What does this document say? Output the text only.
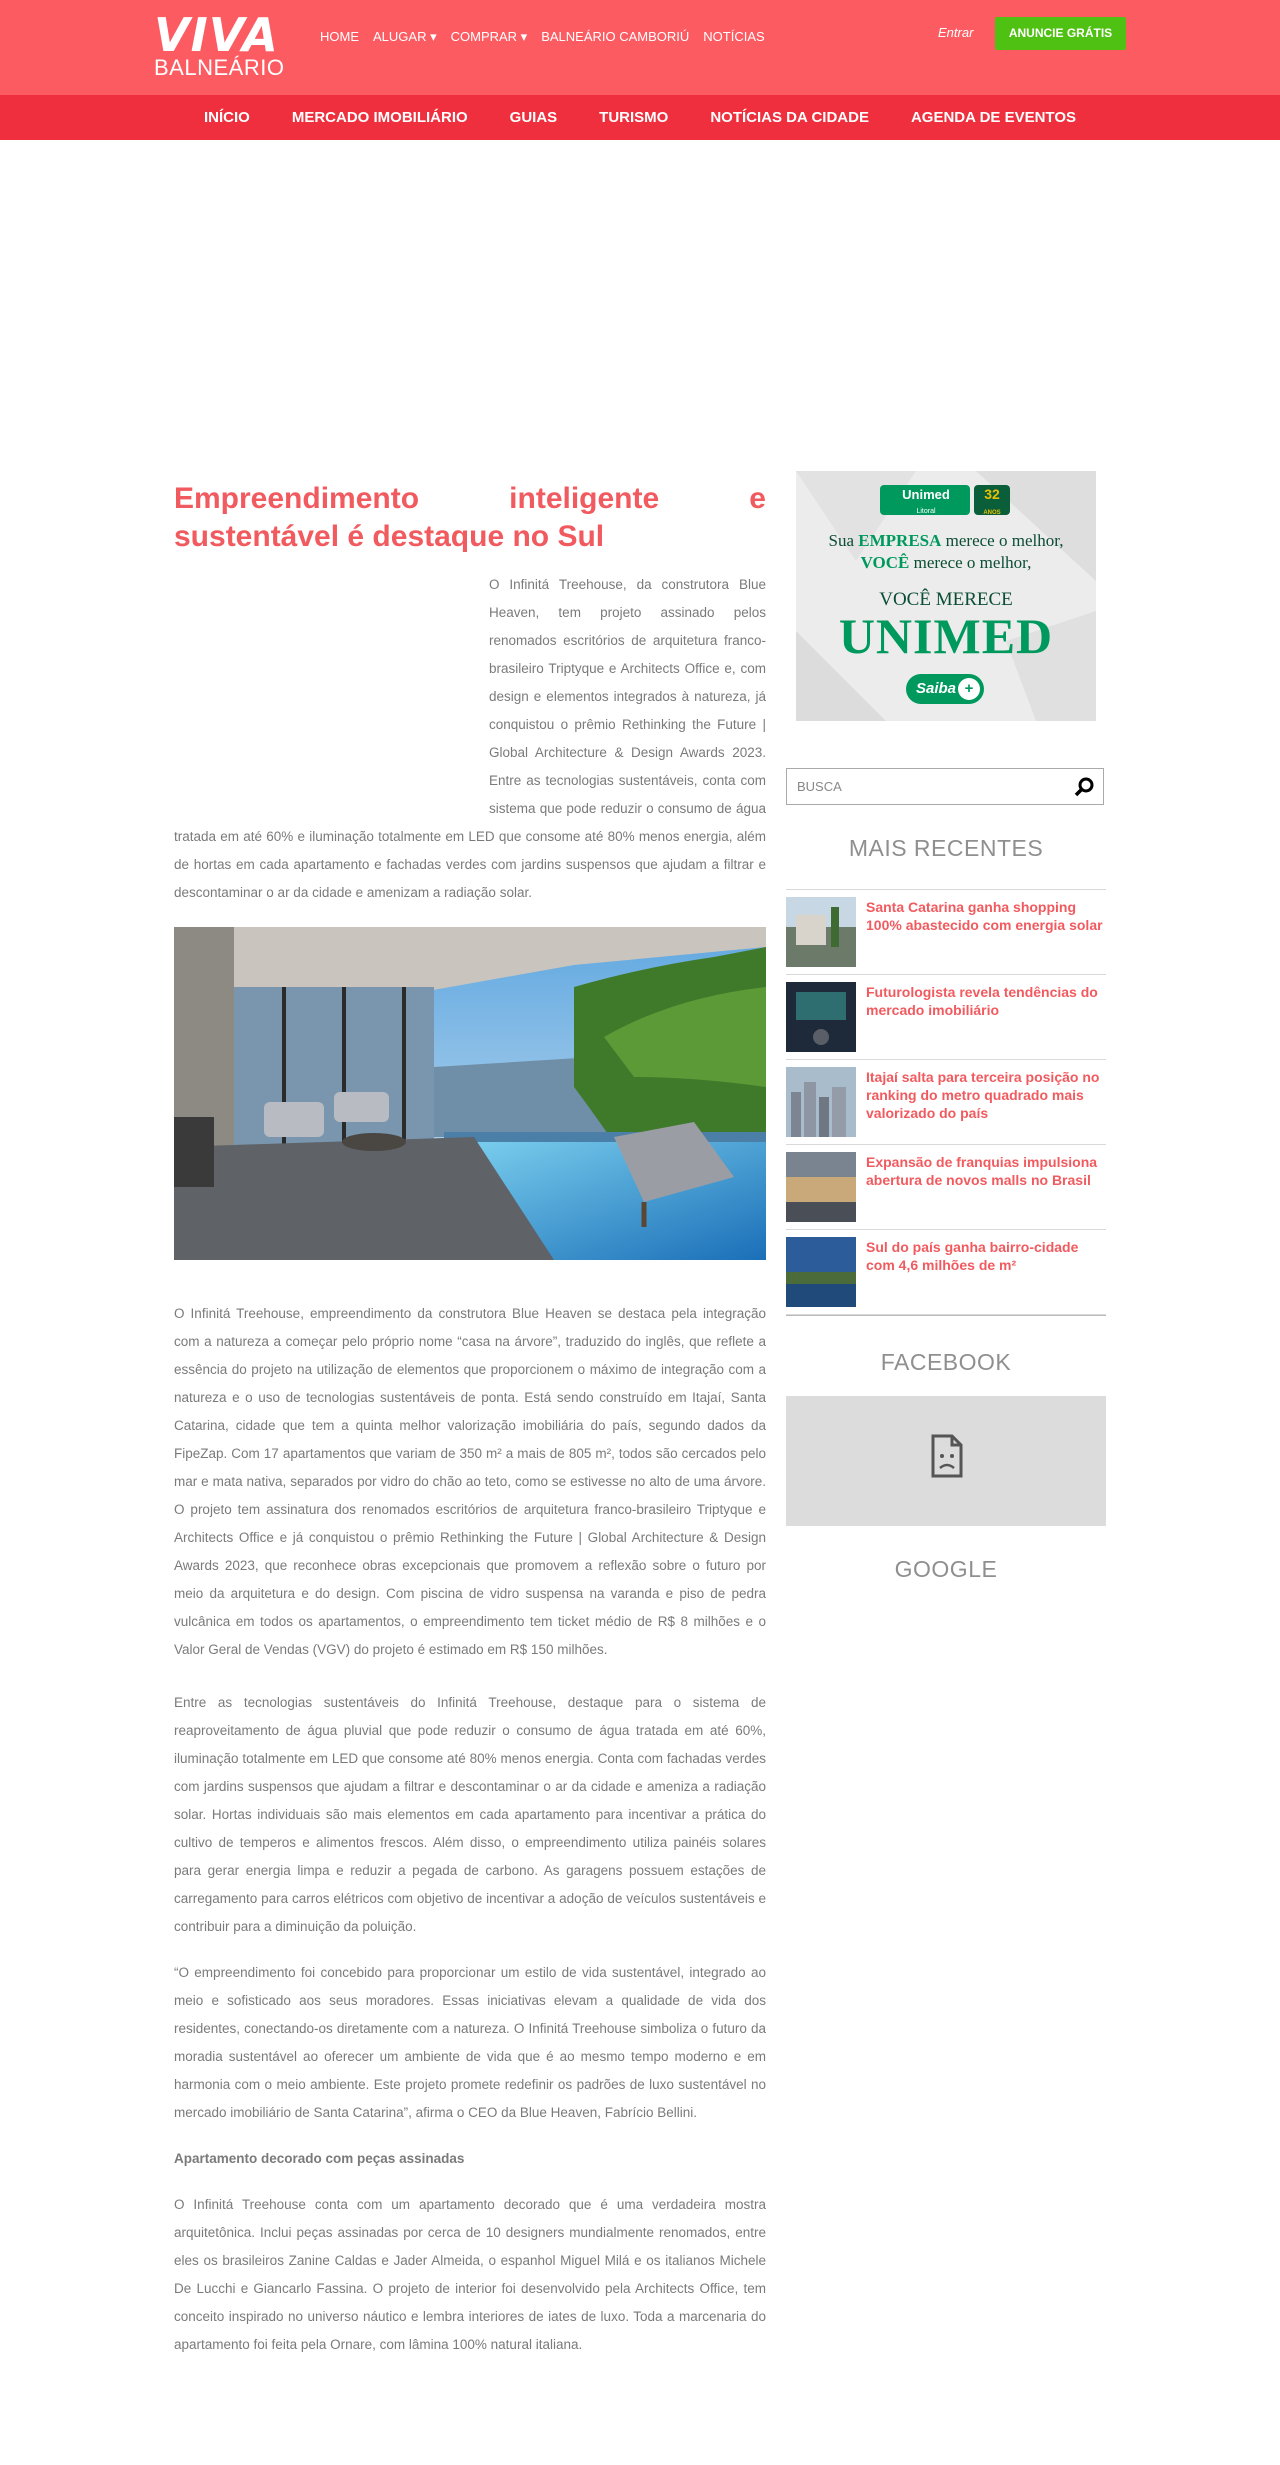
VIVA
BALNEÁRIO
HOME ALUGAR ▾ COMPRAR ▾ BALNEÁRIO CAMBORIÚ NOTÍCIAS	Entrar	ANUNCIE GRÁTIS
INÍCIO	MERCADO IMOBILIÁRIO	GUIAS	TURISMO	NOTÍCIAS DA CIDADE	AGENDA DE EVENTOS
Empreendimento inteligente e sustentável é destaque no Sul
O Infinitá Treehouse, da construtora Blue Heaven, tem projeto assinado pelos renomados escritórios de arquitetura franco-brasileiro Triptyque e Architects Office e, com design e elementos integrados à natureza, já conquistou o prêmio Rethinking the Future | Global Architecture & Design Awards 2023. Entre as tecnologias sustentáveis, conta com sistema que pode reduzir o consumo de água tratada em até 60% e iluminação totalmente em LED que consome até 80% menos energia, além de hortas em cada apartamento e fachadas verdes com jardins suspensos que ajudam a filtrar e descontaminar o ar da cidade e amenizam a radiação solar.

O Infinitá Treehouse, empreendimento da construtora Blue Heaven se destaca pela integração com a natureza a começar pelo próprio nome “casa na árvore”, traduzido do inglês, que reflete a essência do projeto na utilização de elementos que proporcionem o máximo de integração com a natureza e o uso de tecnologias sustentáveis de ponta. Está sendo construído em Itajaí, Santa Catarina, cidade que tem a quinta melhor valorização imobiliária do país, segundo dados da FipeZap. Com 17 apartamentos que variam de 350 m² a mais de 805 m², todos são cercados pelo mar e mata nativa, separados por vidro do chão ao teto, como se estivesse no alto de uma árvore. O projeto tem assinatura dos renomados escritórios de arquitetura franco-brasileiro Triptyque e Architects Office e já conquistou o prêmio Rethinking the Future | Global Architecture & Design Awards 2023, que reconhece obras excepcionais que promovem a reflexão sobre o futuro por meio da arquitetura e do design. Com piscina de vidro suspensa na varanda e piso de pedra vulcânica em todos os apartamentos, o empreendimento tem ticket médio de R$ 8 milhões e o Valor Geral de Vendas (VGV) do projeto é estimado em R$ 150 milhões.

Entre as tecnologias sustentáveis do Infinitá Treehouse, destaque para o sistema de reaproveitamento de água pluvial que pode reduzir o consumo de água tratada em até 60%, iluminação totalmente em LED que consome até 80% menos energia. Conta com fachadas verdes com jardins suspensos que ajudam a filtrar e descontaminar o ar da cidade e ameniza a radiação solar. Hortas individuais são mais elementos em cada apartamento para incentivar a prática do cultivo de temperos e alimentos frescos. Além disso, o empreendimento utiliza painéis solares para gerar energia limpa e reduzir a pegada de carbono. As garagens possuem estações de carregamento para carros elétricos com objetivo de incentivar a adoção de veículos sustentáveis e contribuir para a diminuição da poluição.

“O empreendimento foi concebido para proporcionar um estilo de vida sustentável, integrado ao meio e sofisticado aos seus moradores. Essas iniciativas elevam a qualidade de vida dos residentes, conectando-os diretamente com a natureza. O Infinitá Treehouse simboliza o futuro da moradia sustentável ao oferecer um ambiente de vida que é ao mesmo tempo moderno e em harmonia com o meio ambiente. Este projeto promete redefinir os padrões de luxo sustentável no mercado imobiliário de Santa Catarina”, afirma o CEO da Blue Heaven, Fabrício Bellini.

Apartamento decorado com peças assinadas

O Infinitá Treehouse conta com um apartamento decorado que é uma verdadeira mostra arquitetônica. Inclui peças assinadas por cerca de 10 designers mundialmente renomados, entre eles os brasileiros Zanine Caldas e Jader Almeida, o espanhol Miguel Milá e os italianos Michele De Lucchi e Giancarlo Fassina. O projeto de interior foi desenvolvido pela Architects Office, tem conceito inspirado no universo náutico e lembra interiores de iates de luxo. Toda a marcenaria do apartamento foi feita pela Ornare, com lâmina 100% natural italiana.

Unimed
Litoral
32
ANOS
Sua EMPRESA merece o melhor,
VOCÊ merece o melhor,
VOCÊ MERECE
UNIMED
Saiba +
BUSCA
MAIS RECENTES
Santa Catarina ganha shopping 100% abastecido com energia solar
Futurologista revela tendências do mercado imobiliário
Itajaí salta para terceira posição no ranking do metro quadrado mais valorizado do país
Expansão de franquias impulsiona abertura de novos malls no Brasil
Sul do país ganha bairro-cidade com 4,6 milhões de m²
FACEBOOK
GOOGLE
